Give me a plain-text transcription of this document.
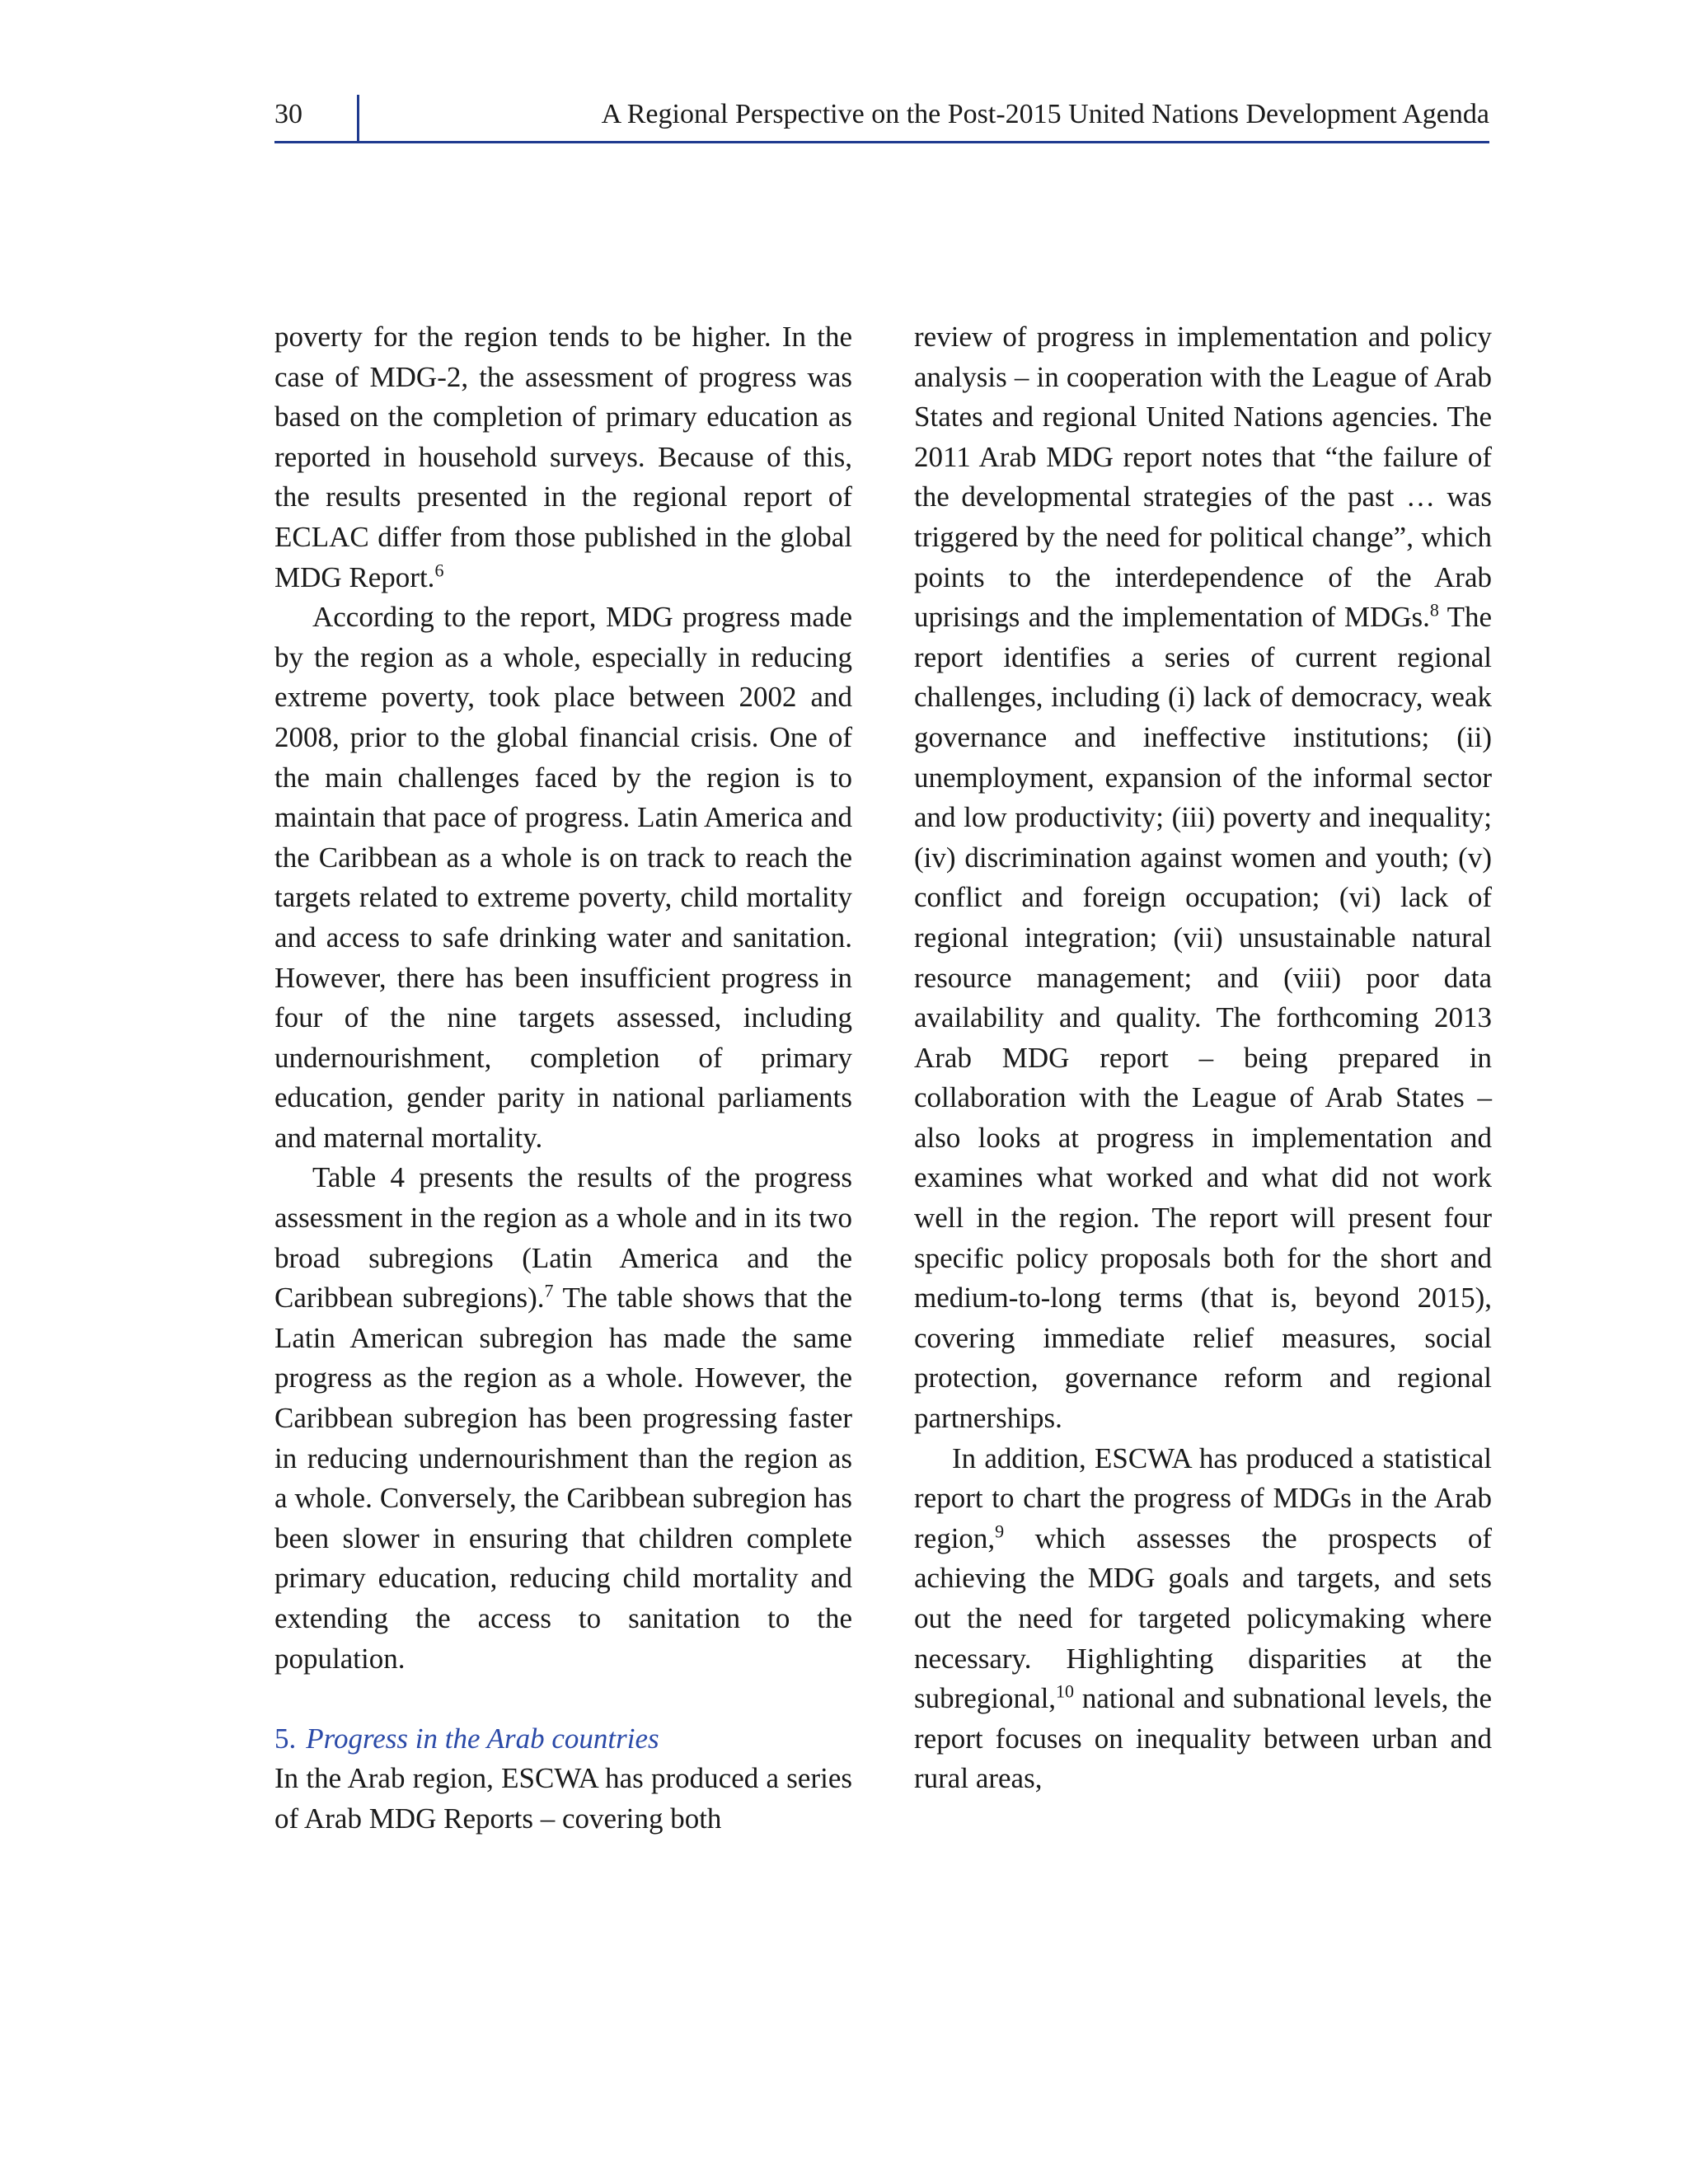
30	A Regional Perspective on the Post-2015 United Nations Development Agenda

poverty for the region tends to be higher. In the case of MDG-2, the assessment of progress was based on the completion of primary education as reported in household surveys. Because of this, the results presented in the regional report of ECLAC differ from those published in the global MDG Report.$^6$

According to the report, MDG progress made by the region as a whole, especially in reducing extreme poverty, took place between 2002 and 2008, prior to the global financial crisis. One of the main challenges faced by the region is to maintain that pace of progress. Latin America and the Caribbean as a whole is on track to reach the targets related to extreme poverty, child mortality and access to safe drinking water and sanitation. However, there has been insufficient progress in four of the nine targets assessed, including undernourishment, completion of primary education, gender parity in national parliaments and maternal mortality.

Table 4 presents the results of the progress assessment in the region as a whole and in its two broad subregions (Latin America and the Caribbean subregions).$^7$ The table shows that the Latin American subregion has made the same progress as the region as a whole. However, the Caribbean subregion has been progressing faster in reducing undernourishment than the region as a whole. Conversely, the Caribbean subregion has been slower in ensuring that children complete primary education, reducing child mortality and extending the access to sanitation to the population.

5. Progress in the Arab countries

In the Arab region, ESCWA has produced a series of Arab MDG Reports – covering both

review of progress in implementation and policy analysis – in cooperation with the League of Arab States and regional United Nations agencies. The 2011 Arab MDG report notes that “the failure of the developmental strategies of the past … was triggered by the need for political change”, which points to the interdependence of the Arab uprisings and the implementation of MDGs.$^8$ The report identifies a series of current regional challenges, including (i) lack of democracy, weak governance and ineffective institutions; (ii) unemployment, expansion of the informal sector and low productivity; (iii) poverty and inequality; (iv) discrimination against women and youth; (v) conflict and foreign occupation; (vi) lack of regional integration; (vii) unsustainable natural resource management; and (viii) poor data availability and quality. The forthcoming 2013 Arab MDG report – being prepared in collaboration with the League of Arab States – also looks at progress in implementation and examines what worked and what did not work well in the region. The report will present four specific policy proposals both for the short and medium-to-long terms (that is, beyond 2015), covering immediate relief measures, social protection, governance reform and regional partnerships.

In addition, ESCWA has produced a statistical report to chart the progress of MDGs in the Arab region,$^9$ which assesses the prospects of achieving the MDG goals and targets, and sets out the need for targeted policymaking where necessary. Highlighting disparities at the subregional,$^{10}$ national and subnational levels, the report focuses on inequality between urban and rural areas,
